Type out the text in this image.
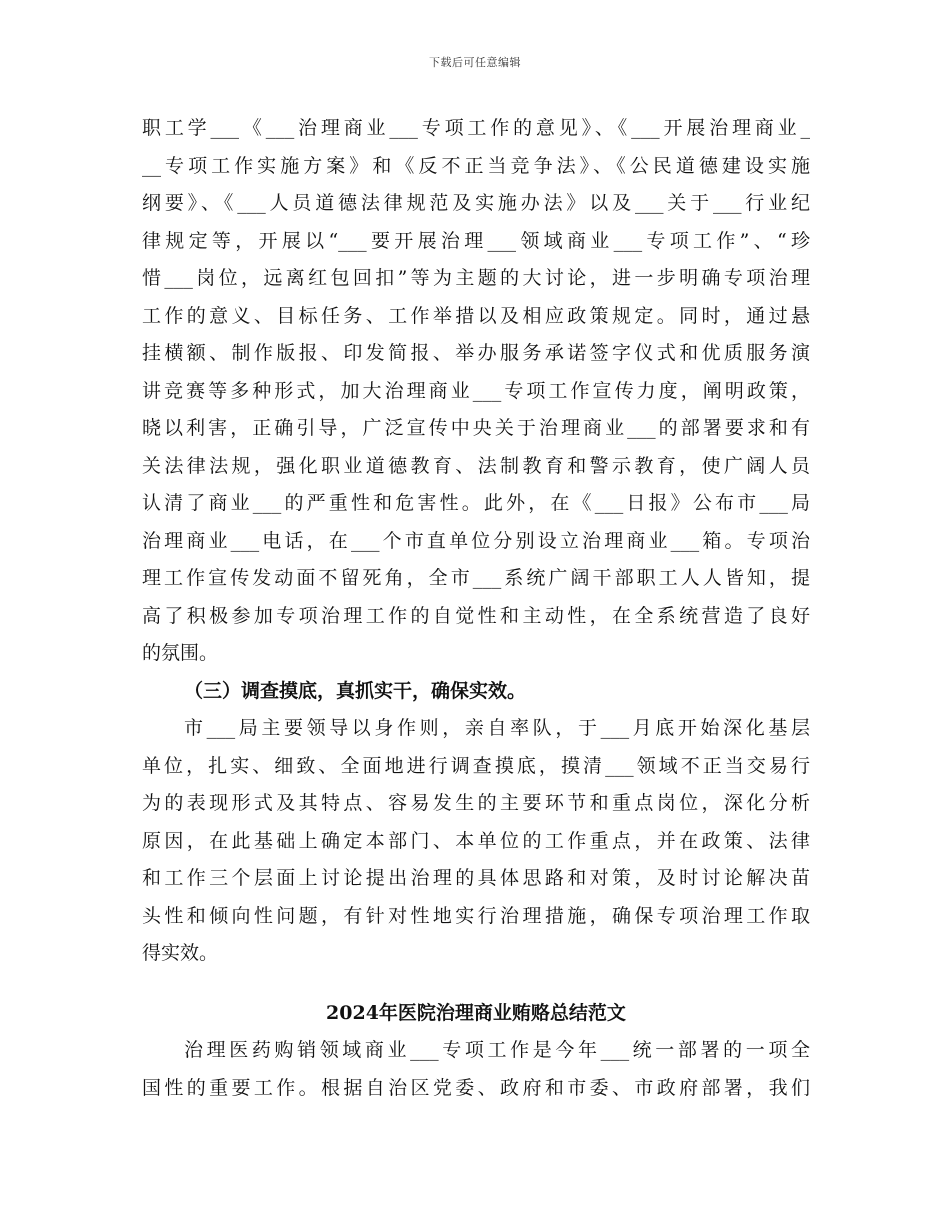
下载后可任意编辑
职工学___《___治理商业___专项工作的意见》、《___开展治理商业_
__专项工作实施方案》和《反不正当竞争法》、《公民道德建设实施
纲要》、《___人员道德法律规范及实施办法》以及___关于___行业纪
律规定等，开展以“___要开展治理___领域商业___专项工作”、“珍
惜___岗位，远离红包回扣”等为主题的大讨论，进一步明确专项治理
工作的意义、目标任务、工作举措以及相应政策规定。同时，通过悬
挂横额、制作版报、印发简报、举办服务承诺签字仪式和优质服务演
讲竞赛等多种形式，加大治理商业___专项工作宣传力度，阐明政策，
晓以利害，正确引导，广泛宣传中央关于治理商业___的部署要求和有
关法律法规，强化职业道德教育、法制教育和警示教育，使广阔人员
认清了商业___的严重性和危害性。此外，在《___日报》公布市___局
治理商业___电话，在___个市直单位分别设立治理商业___箱。专项治
理工作宣传发动面不留死角，全市___系统广阔干部职工人人皆知，提
高了积极参加专项治理工作的自觉性和主动性，在全系统营造了良好
的氛围。
（三）调查摸底，真抓实干，确保实效。
市___局主要领导以身作则，亲自率队，于___月底开始深化基层
单位，扎实、细致、全面地进行调查摸底，摸清___领域不正当交易行
为的表现形式及其特点、容易发生的主要环节和重点岗位，深化分析
原因，在此基础上确定本部门、本单位的工作重点，并在政策、法律
和工作三个层面上讨论提出治理的具体思路和对策，及时讨论解决苗
头性和倾向性问题，有针对性地实行治理措施，确保专项治理工作取
得实效。
2024年医院治理商业贿赂总结范文
治理医药购销领域商业___专项工作是今年___统一部署的一项全
国性的重要工作。根据自治区党委、政府和市委、市政府部署，我们
